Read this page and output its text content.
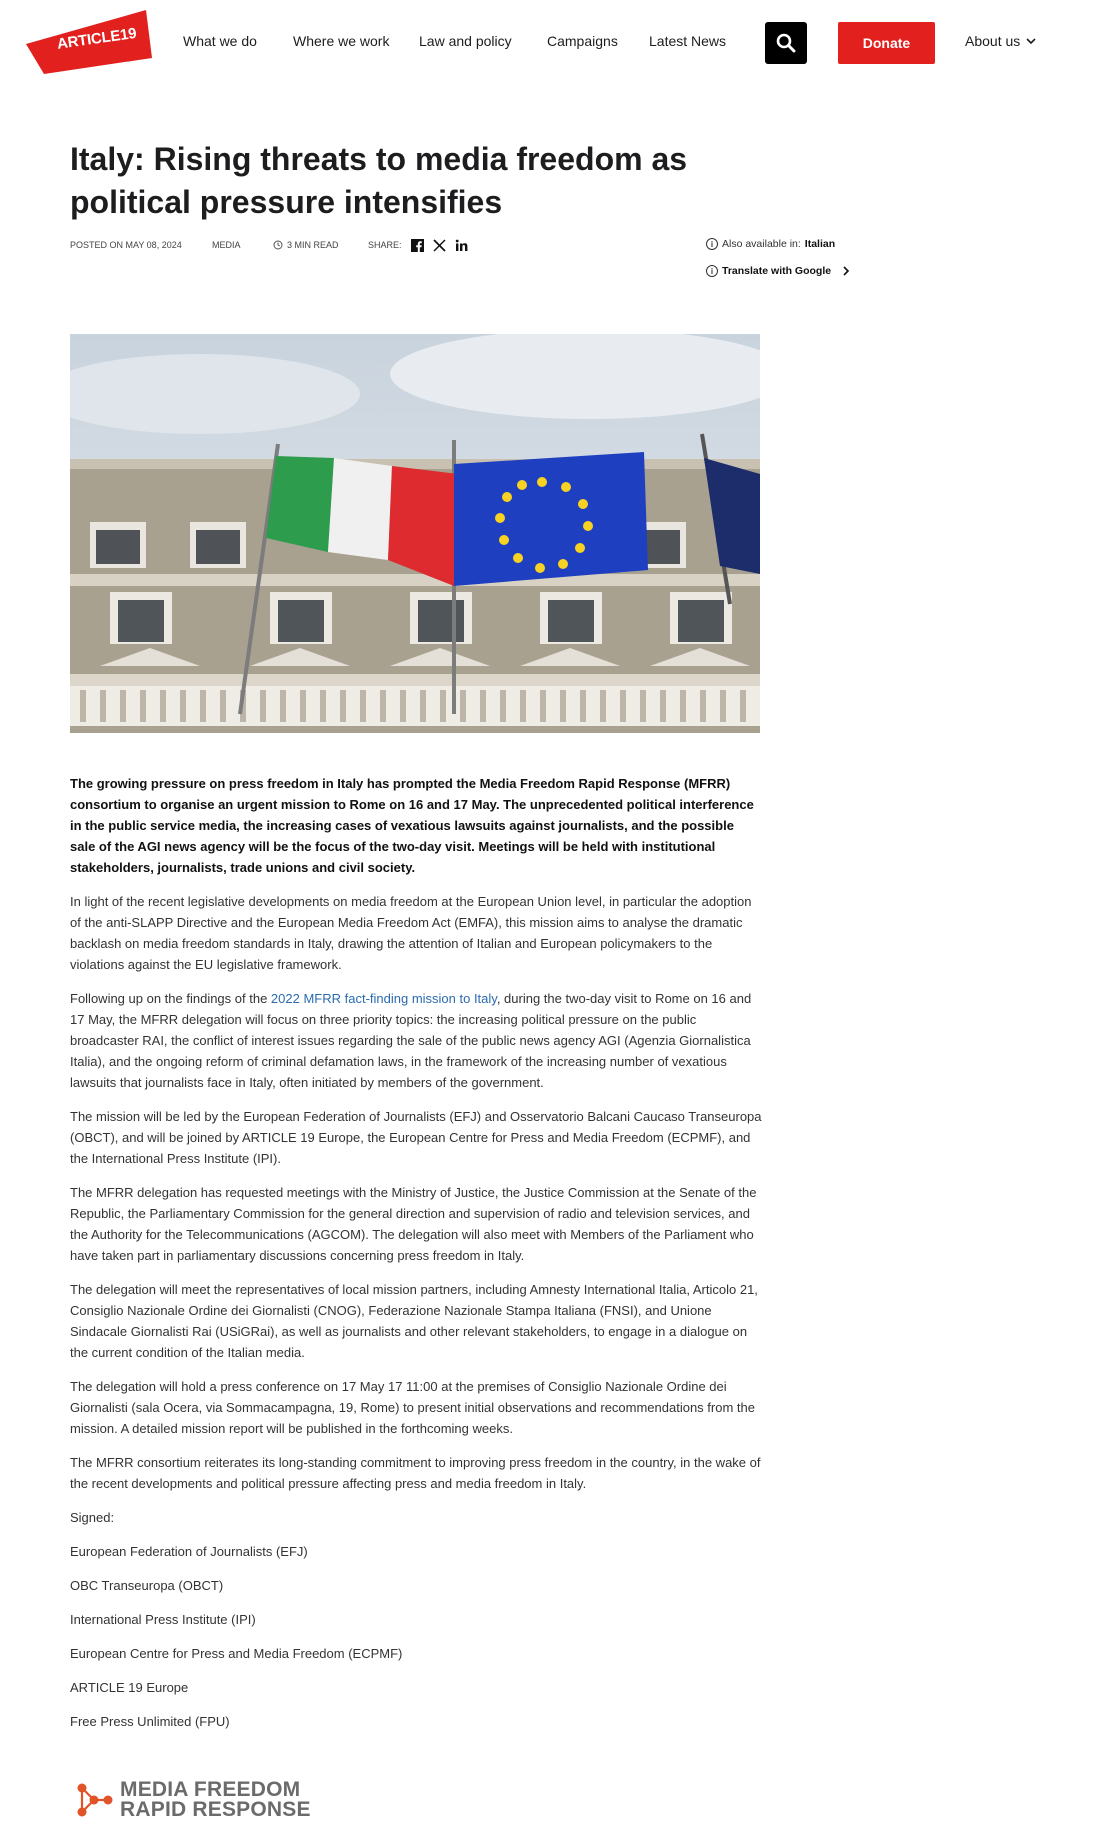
ARTICLE19	What we do	Where we work Law and policy	Campaigns Latest News	Donate	About us
Italy: Rising threats to media freedom as political pressure intensifies
POSTED ON MAY 08, 2024	MEDIA	3 MIN READ	SHARE:	i Also available in: Italian
i Translate with Google

The growing pressure on press freedom in Italy has prompted the Media Freedom Rapid Response (MFRR) consortium to organise an urgent mission to Rome on 16 and 17 May. The unprecedented political interference in the public service media, the increasing cases of vexatious lawsuits against journalists, and the possible sale of the AGI news agency will be the focus of the two-day visit. Meetings will be held with institutional stakeholders, journalists, trade unions and civil society.

In light of the recent legislative developments on media freedom at the European Union level, in particular the adoption of the anti-SLAPP Directive and the European Media Freedom Act (EMFA), this mission aims to analyse the dramatic backlash on media freedom standards in Italy, drawing the attention of Italian and European policymakers to the violations against the EU legislative framework.

Following up on the findings of the 2022 MFRR fact-finding mission to Italy, during the two-day visit to Rome on 16 and 17 May, the MFRR delegation will focus on three priority topics: the increasing political pressure on the public broadcaster RAI, the conflict of interest issues regarding the sale of the public news agency AGI (Agenzia Giornalistica Italia), and the ongoing reform of criminal defamation laws, in the framework of the increasing number of vexatious lawsuits that journalists face in Italy, often initiated by members of the government.

The mission will be led by the European Federation of Journalists (EFJ) and Osservatorio Balcani Caucaso Transeuropa (OBCT), and will be joined by ARTICLE 19 Europe, the European Centre for Press and Media Freedom (ECPMF), and the International Press Institute (IPI).

The MFRR delegation has requested meetings with the Ministry of Justice, the Justice Commission at the Senate of the Republic, the Parliamentary Commission for the general direction and supervision of radio and television services, and the Authority for the Telecommunications (AGCOM). The delegation will also meet with Members of the Parliament who have taken part in parliamentary discussions concerning press freedom in Italy.

The delegation will meet the representatives of local mission partners, including Amnesty International Italia, Articolo 21, Consiglio Nazionale Ordine dei Giornalisti (CNOG), Federazione Nazionale Stampa Italiana (FNSI), and Unione Sindacale Giornalisti Rai (USiGRai), as well as journalists and other relevant stakeholders, to engage in a dialogue on the current condition of the Italian media.

The delegation will hold a press conference on 17 May 17 11:00 at the premises of Consiglio Nazionale Ordine dei Giornalisti (sala Ocera, via Sommacampagna, 19, Rome) to present initial observations and recommendations from the mission. A detailed mission report will be published in the forthcoming weeks.

The MFRR consortium reiterates its long-standing commitment to improving press freedom in the country, in the wake of the recent developments and political pressure affecting press and media freedom in Italy.

Signed:

European Federation of Journalists (EFJ)

OBC Transeuropa (OBCT)

International Press Institute (IPI)

European Centre for Press and Media Freedom (ECPMF)

ARTICLE 19 Europe

Free Press Unlimited (FPU)

MEDIA FREEDOM
RAPID RESPONSE
